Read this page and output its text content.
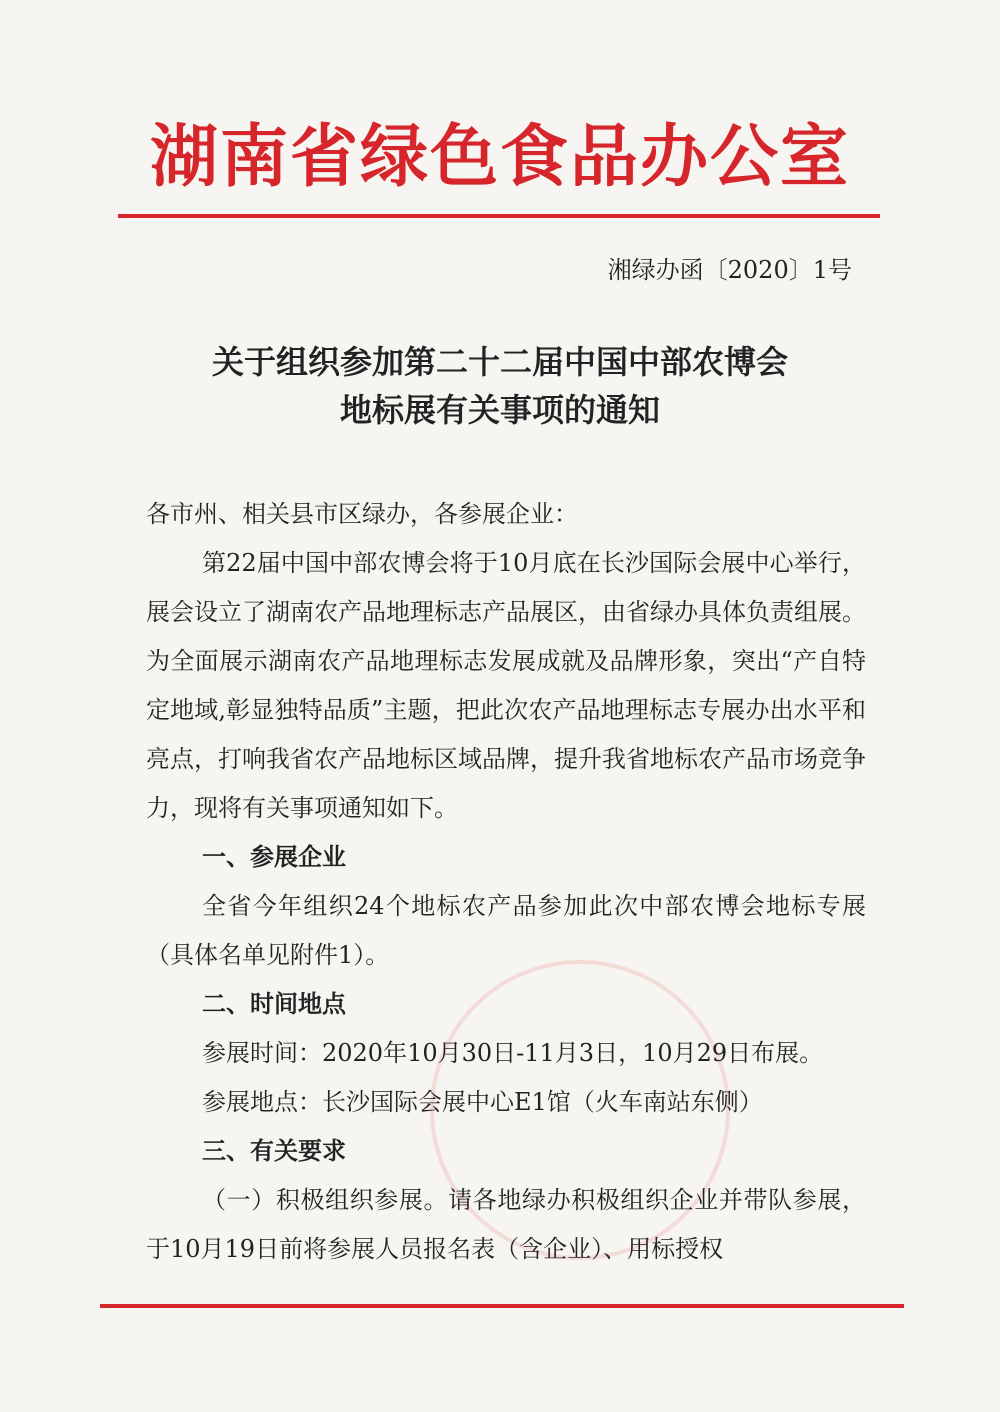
湖南省绿色食品办公室
湘绿办函〔2020〕1号
关于组织参加第二十二届中国中部农博会
地标展有关事项的通知

各市州、相关县市区绿办，各参展企业：

第22届中国中部农博会将于10月底在长沙国际会展中心举行，展会设立了湖南农产品地理标志产品展区，由省绿办具体负责组展。为全面展示湖南农产品地理标志发展成就及品牌形象，突出“产自特定地域,彰显独特品质”主题，把此次农产品地理标志专展办出水平和亮点，打响我省农产品地标区域品牌，提升我省地标农产品市场竞争力，现将有关事项通知如下。

一、参展企业

全省今年组织24个地标农产品参加此次中部农博会地标专展（具体名单见附件1）。

二、时间地点

参展时间：2020年10月30日-11月3日，10月29日布展。

参展地点：长沙国际会展中心E1馆（火车南站东侧）

三、有关要求

（一）积极组织参展。请各地绿办积极组织企业并带队参展，于10月19日前将参展人员报名表（含企业）、用标授权
